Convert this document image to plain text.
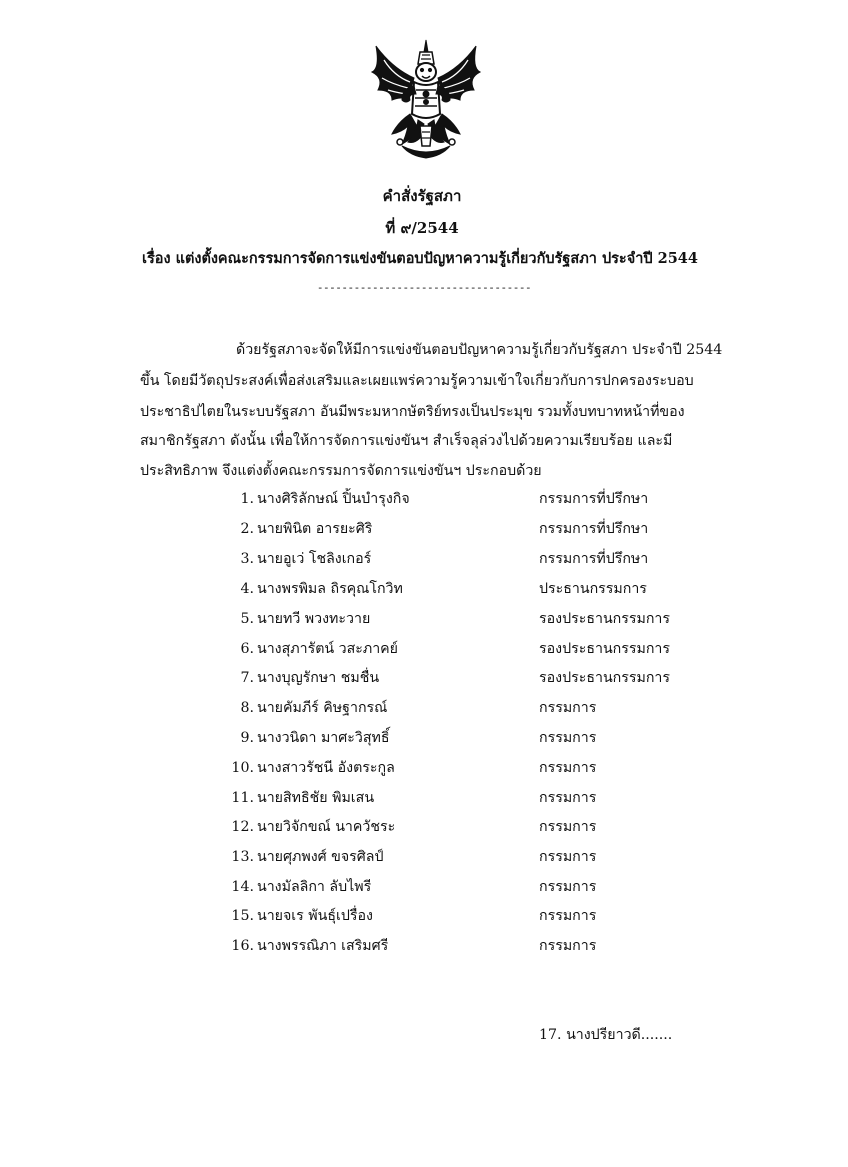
คำสั่งรัฐสภา
ที่ ๙/2544
เรื่อง แต่งตั้งคณะกรรมการจัดการแข่งขันตอบปัญหาความรู้เกี่ยวกับรัฐสภา ประจำปี 2544
-----------------------------------
ด้วยรัฐสภาจะจัดให้มีการแข่งขันตอบปัญหาความรู้เกี่ยวกับรัฐสภา ประจำปี 2544
ขึ้น โดยมีวัตถุประสงค์เพื่อส่งเสริมและเผยแพร่ความรู้ความเข้าใจเกี่ยวกับการปกครองระบอบ
ประชาธิปไตยในระบบรัฐสภา อันมีพระมหากษัตริย์ทรงเป็นประมุข รวมทั้งบทบาทหน้าที่ของ
สมาชิกรัฐสภา ดังนั้น เพื่อให้การจัดการแข่งขันฯ สำเร็จลุล่วงไปด้วยความเรียบร้อย และมี
ประสิทธิภาพ จึงแต่งตั้งคณะกรรมการจัดการแข่งขันฯ ประกอบด้วย
1. นางศิริลักษณ์ ปิ้นบำรุงกิจ	กรรมการที่ปรึกษา
2. นายพินิต อารยะศิริ	กรรมการที่ปรึกษา
3. นายอูเว่ โชลิงเกอร์	กรรมการที่ปรึกษา
4. นางพรพิมล ถิรคุณโกวิท	ประธานกรรมการ
5. นายทวี พวงทะวาย	รองประธานกรรมการ
6. นางสุภารัตน์ วสะภาคย์	รองประธานกรรมการ
7. นางบุญรักษา ชมชื่น	รองประธานกรรมการ
8. นายคัมภีร์ คิษฐากรณ์	กรรมการ
9. นางวนิดา มาศะวิสุทธิ์	กรรมการ
10. นางสาวรัชนี อังตระกูล	กรรมการ
11. นายสิทธิชัย พิมเสน	กรรมการ
12. นายวิจักขณ์ นาควัชระ	กรรมการ
13. นายศุภพงศ์ ขจรศิลป์	กรรมการ
14. นางมัลลิกา ลับไพรี	กรรมการ
15. นายจเร พันธุ์เปรื่อง	กรรมการ
16. นางพรรณิภา เสริมศรี	กรรมการ
17. นางปรียาวดี.......
